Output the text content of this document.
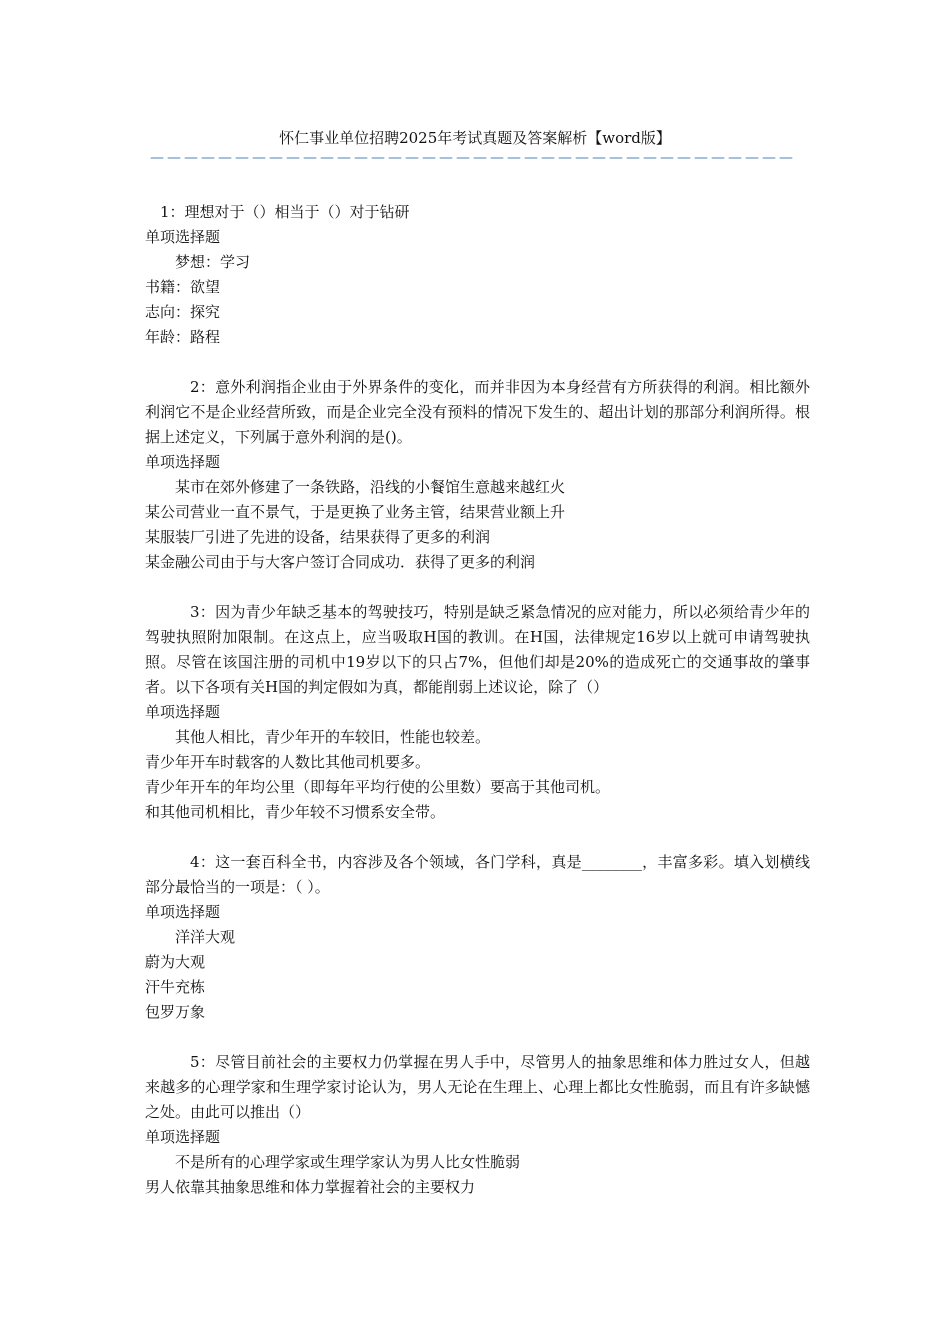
怀仁事业单位招聘2025年考试真题及答案解析【word版】
——————————————————————————————————————
1：理想对于（）相当于（）对于钻研
单项选择题
梦想：学习
书籍：欲望
志向：探究
年龄：路程
2：意外利润指企业由于外界条件的变化，而并非因为本身经营有方所获得的利润。相比额外利润它不是企业经营所致，而是企业完全没有预料的情况下发生的、超出计划的那部分利润所得。根据上述定义，下列属于意外利润的是()。
单项选择题
某市在郊外修建了一条铁路，沿线的小餐馆生意越来越红火
某公司营业一直不景气，于是更换了业务主管，结果营业额上升
某服装厂引进了先进的设备，结果获得了更多的利润
某金融公司由于与大客户签订合同成功．获得了更多的利润
3：因为青少年缺乏基本的驾驶技巧，特别是缺乏紧急情况的应对能力，所以必须给青少年的驾驶执照附加限制。在这点上，应当吸取H国的教训。在H国，法律规定16岁以上就可申请驾驶执照。尽管在该国注册的司机中19岁以下的只占7%，但他们却是20%的造成死亡的交通事故的肇事者。以下各项有关H国的判定假如为真，都能削弱上述议论，除了（）
单项选择题
其他人相比，青少年开的车较旧，性能也较差。
青少年开车时载客的人数比其他司机要多。
青少年开车的年均公里（即每年平均行使的公里数）要高于其他司机。
和其他司机相比，青少年较不习惯系安全带。
4：这一套百科全书，内容涉及各个领域，各门学科，真是________，丰富多彩。填入划横线部分最恰当的一项是：（ ）。
单项选择题
洋洋大观
蔚为大观
汗牛充栋
包罗万象
5：尽管目前社会的主要权力仍掌握在男人手中，尽管男人的抽象思维和体力胜过女人，但越来越多的心理学家和生理学家讨论认为，男人无论在生理上、心理上都比女性脆弱，而且有许多缺憾之处。由此可以推出（）
单项选择题
不是所有的心理学家或生理学家认为男人比女性脆弱
男人依靠其抽象思维和体力掌握着社会的主要权力
